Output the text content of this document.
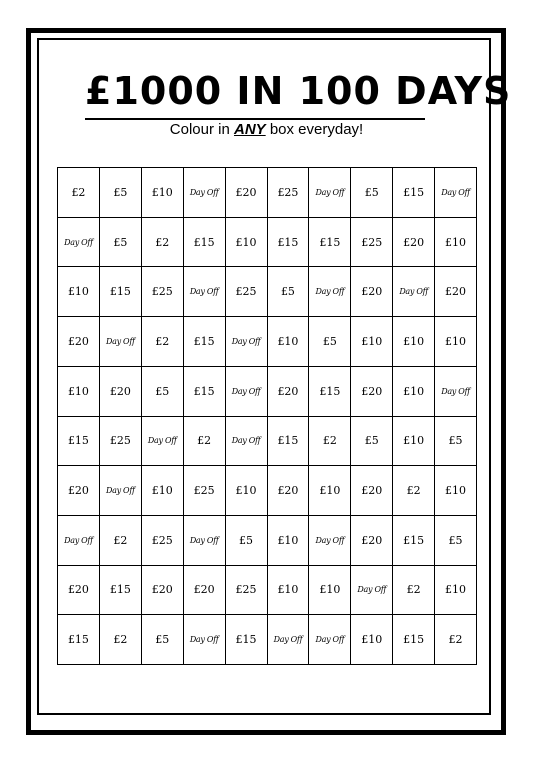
£1000 IN 100 DAYS
Colour in ANY box everyday!
£2	£5	£10	Day Off	£20	£25	Day Off	£5	£15	Day Off
Day Off	£5	£2	£15	£10	£15	£15	£25	£20	£10
£10	£15	£25	Day Off	£25	£5	Day Off	£20	Day Off	£20
£20	Day Off	£2	£15	Day Off	£10	£5	£10	£10	£10
£10	£20	£5	£15	Day Off	£20	£15	£20	£10	Day Off
£15	£25	Day Off	£2	Day Off	£15	£2	£5	£10	£5
£20	Day Off	£10	£25	£10	£20	£10	£20	£2	£10
Day Off	£2	£25	Day Off	£5	£10	Day Off	£20	£15	£5
£20	£15	£20	£20	£25	£10	£10	Day Off	£2	£10
£15	£2	£5	Day Off	£15	Day Off	Day Off	£10	£15	£2
